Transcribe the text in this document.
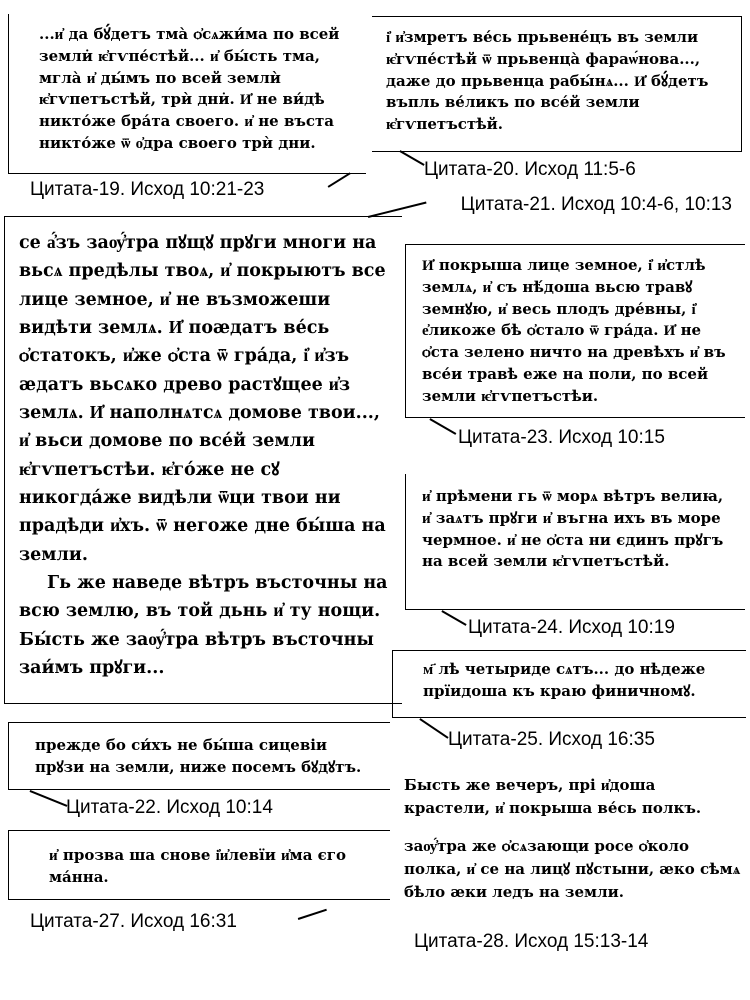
...и҆ да бꙋ́детъ тма̀ ѻ҆сѧжи́ма по всей земли̇ ѥ҆гѵпе́стѣй... и҆ бы́сть тма, мгла̀ и҆ ды́мъ по всей землѝ ѥ҆гѵпетъстѣй, трѝ дни̇. И҆ не ви́дѣ никто́же бра́та своего. и҆ не въста никто́же ѿ о҆дра своего трѝ дни.

Цитата-19. Исход 10:21-23

і҆ и҆змретъ ве́сь прьвене́цъ въ земли ѥ҆гѵпе́стѣй ѿ прьвенца̀ фараѡ́нова..., даже до прьвенца рабы́нѧ... И҆ бꙋ́детъ въпль ве́ликъ по все́й земли ѥ҆гѵпетъстѣй.

Цитата-20. Исход 11:5-6

се а҆́зъ заѹ҆́тра пꙋщꙋ прꙋги многи на вьсѧ предѣлы твоѧ, и҆ покрыютъ все лице земное, и҆ не възможеши видѣти землѧ. И҆ поӕдатъ ве́сь ѻ҆статокъ, и҆же ѻ҆ста ѿ гра́да, і҆ и҆зъ ӕдатъ вьсѧко древо растꙋщее и҆з землѧ. И҆ наполнѧтсѧ домове твои..., и҆ вьси домове по все́й земли ѥ҆гѵпетъстѣи. ѥ҆го́же не сꙋ никогда́же видѣли ѿци твои ни прадѣди и҆хъ. ѿ негоже дне бы́ша на земли.

Гь же наведе вѣтръ въсточны на всю землю, въ той дьнь и҆ ту нощи. Бы́сть же заѹ҆́тра вѣтръ въсточны заи́мъ прꙋги...

Цитата-21. Исход 10:4-6, 10:13

И҆ покрыша лице земное, і҆ и҆стлѣ землѧ, и҆ съ нѣ́доша вьсю травꙋ земнꙋю, и҆ весь плодъ дре́вны, і҆ е҆ликоже бѣ ѻ҆стало ѿ гра́да. И҆ не ѻ҆ста зелено ничто на древѣхъ и҆ въ все́и травѣ еже на поли, по всей земли ѥ҆гѵпетъстѣи.

Цитата-23. Исход 10:15

и҆ прѣмени гь ѿ морѧ вѣтръ велиꙗ, и҆ заѧтъ прꙋги и҆ въгна ихъ въ море чермное. и҆ не ѻ҆ста ни єдинъ прꙋгъ на всей земли ѥ҆гѵпетъстѣй.

Цитата-24. Исход 10:19

м҃ лѣ четыриде сѧтъ... до нѣдеже прїидоша къ краю финичномꙋ.

Цитата-25. Исход 16:35

прежде бо си́хъ не бы́ша сицевіи прꙋзи на земли, ниже посемъ бꙋдꙋтъ.

Цитата-22. Исход 10:14

и҆ прозва ша снове і҆и҆левїи и҆ма єго ма́нна.

Цитата-27. Исход 16:31

Бысть же вечеръ, прі и҆доша крастели, и҆ покрыша ве́сь полкъ.

заѹ҆́тра же ѻ҆сѧзающи росе ѻ҆коло полка, и҆ се на лицꙋ пꙋстыни, ӕко сѣмѧ бѣло ӕки ледъ на земли.

Цитата-28. Исход 15:13-14
